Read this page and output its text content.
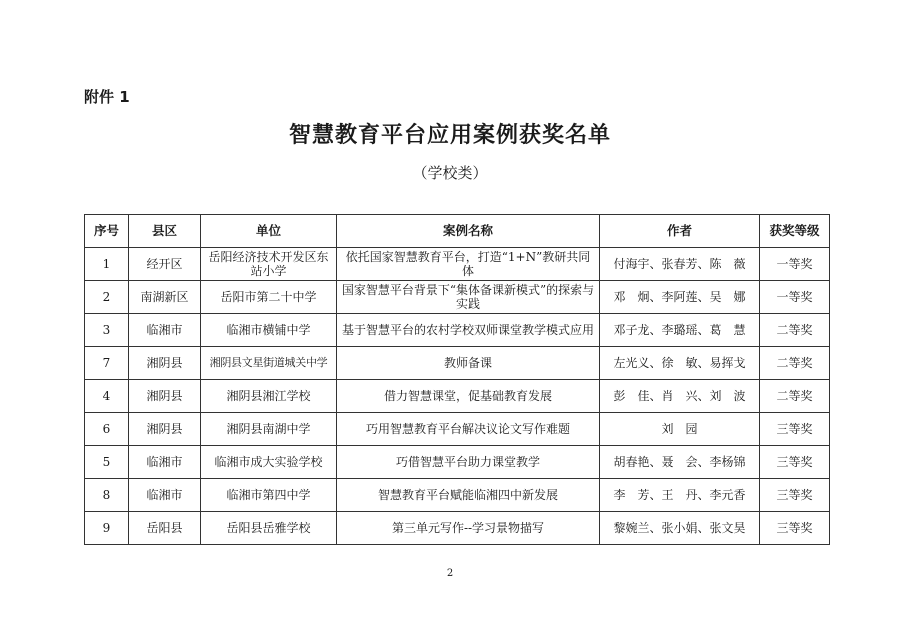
附件 1
智慧教育平台应用案例获奖名单
（学校类）
序号	县区	单位	案例名称	作者	获奖等级
1	经开区	岳阳经济技术开发区东站小学	依托国家智慧教育平台，打造“1+N”教研共同体	付海宇、张春芳、陈　薇	一等奖
2	南湖新区	岳阳市第二十中学	国家智慧平台背景下“集体备课新模式”的探索与实践	邓　炯、李阿莲、吴　娜	一等奖
3	临湘市	临湘市横铺中学	基于智慧平台的农村学校双师课堂教学模式应用	邓子龙、李璐瑶、葛　慧	二等奖
7	湘阴县	湘阴县文星街道城关中学	教师备课	左光义、徐　敏、易挥戈	二等奖
4	湘阴县	湘阴县湘江学校	借力智慧课堂，促基础教育发展	彭　佳、肖　兴、刘　波	二等奖
6	湘阴县	湘阴县南湖中学	巧用智慧教育平台解决议论文写作难题	刘　园	三等奖
5	临湘市	临湘市成大实验学校	巧借智慧平台助力课堂教学	胡春艳、聂　会、李杨锦	三等奖
8	临湘市	临湘市第四中学	智慧教育平台赋能临湘四中新发展	李　芳、王　丹、李元香	三等奖
9	岳阳县	岳阳县岳雅学校	第三单元写作--学习景物描写	黎婉兰、张小娟、张文昊	三等奖
2
